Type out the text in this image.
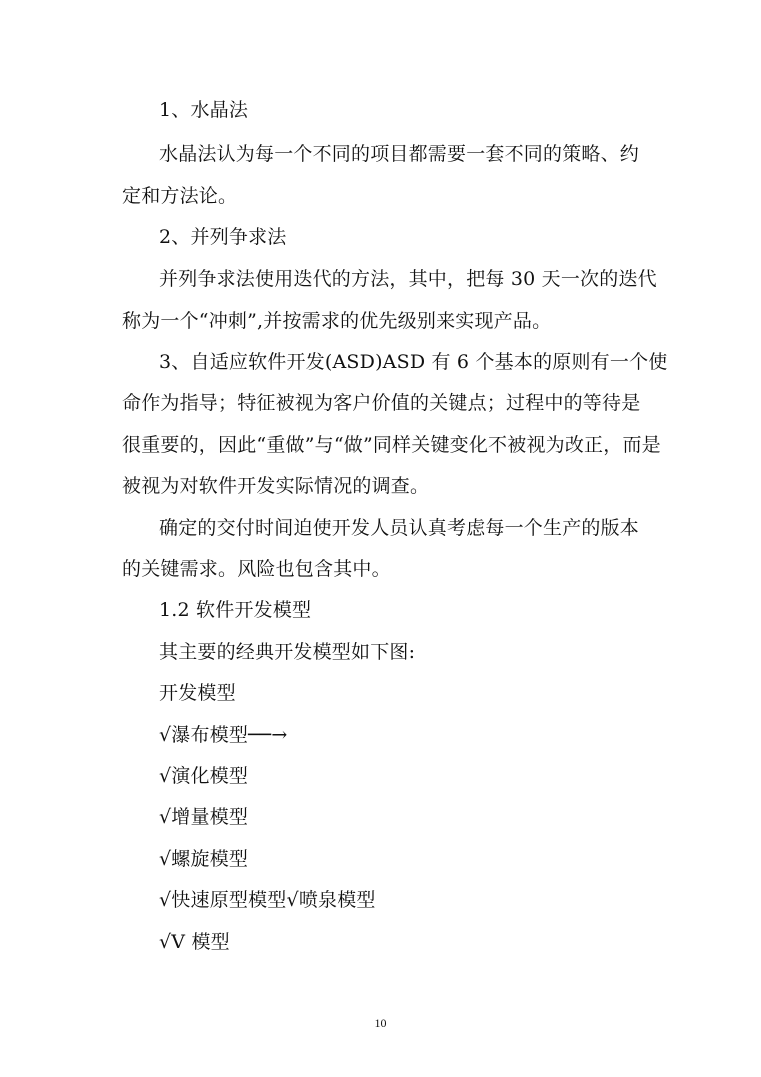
1、水晶法
水晶法认为每一个不同的项目都需要一套不同的策略、约
定和方法论。
2、并列争求法
并列争求法使用迭代的方法，其中，把每 30 天一次的迭代
称为一个“冲刺”,并按需求的优先级别来实现产品。
3、自适应软件开发(ASD)ASD 有 6 个基本的原则有一个使
命作为指导；特征被视为客户价值的关键点；过程中的等待是
很重要的，因此“重做”与“做”同样关键变化不被视为改正，而是
被视为对软件开发实际情况的调查。
确定的交付时间迫使开发人员认真考虑每一个生产的版本
的关键需求。风险也包含其中。
1.2 软件开发模型
其主要的经典开发模型如下图:
开发模型
√瀑布模型──→
√演化模型
√增量模型
√螺旋模型
√快速原型模型√喷泉模型
√V 模型
10
